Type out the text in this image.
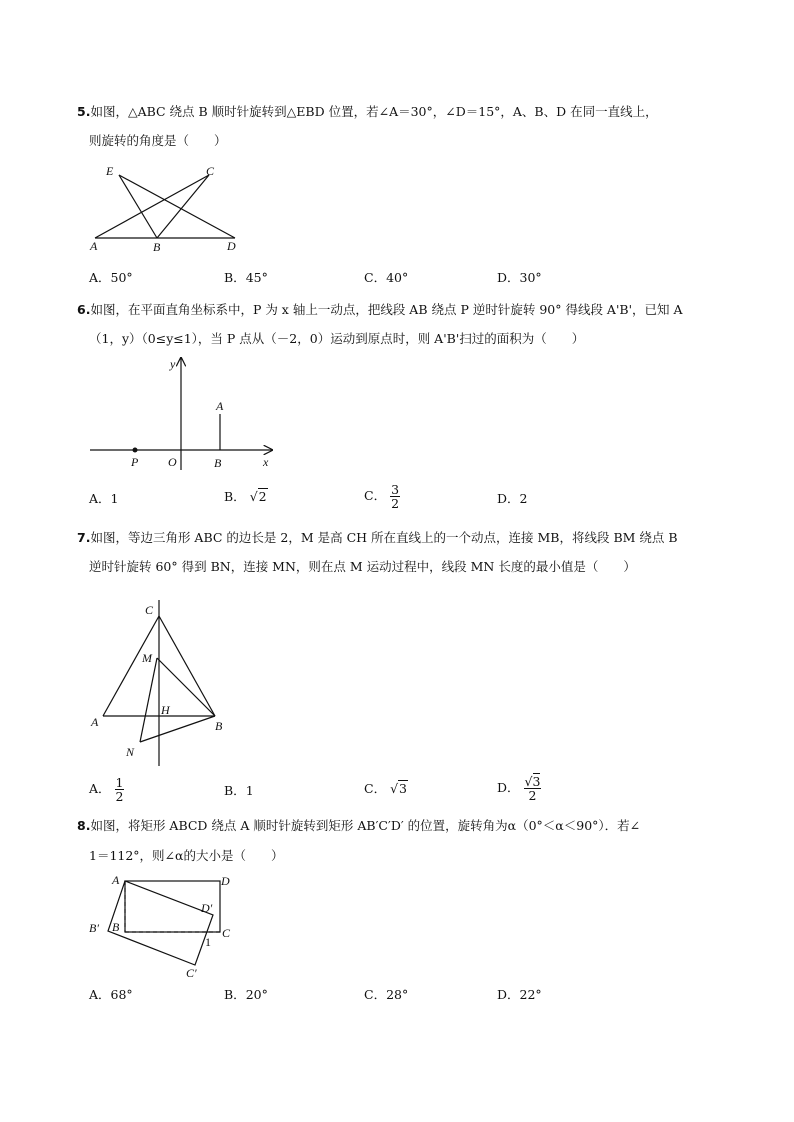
5.如图，△ABC 绕点 B 顺时针旋转到△EBD 位置，若∠A＝30°，∠D＝15°，A、B、D 在同一直线上，
则旋转的角度是（　　）
E	C
A	B	D
A．50°	B．45°	C．40°	D．30°
6.如图，在平面直角坐标系中，P 为 x 轴上一动点，把线段 AB 绕点 P 逆时针旋转 90° 得线段 A'B'，已知 A
（1，y）（0≤y≤1），当 P 点从（－2，0）运动到原点时，则 A'B'扫过的面积为（　　）
y
x
A
P O	B
A．1	B． √2	C． $\frac{3}{2}$	D．2
7.如图，等边三角形 ABC 的边长是 2，M 是高 CH 所在直线上的一个动点，连接 MB，将线段 BM 绕点 B
逆时针旋转 60° 得到 BN，连接 MN，则在点 M 运动过程中，线段 MN 长度的最小值是（　　）
C
M
H
A	B
N
A． $\frac{1}{2}$	B．1	C． √3	D． $\frac{√3}{2}$
8.如图，将矩形 ABCD 绕点 A 顺时针旋转到矩形 AB′C′D′ 的位置，旋转角为α（0°＜α＜90°）．若∠
1＝112°，则∠α的大小是（　　）
A	D
D′
B′ B	C
1
C′
A．68°	B．20°	C．28°	D．22°
